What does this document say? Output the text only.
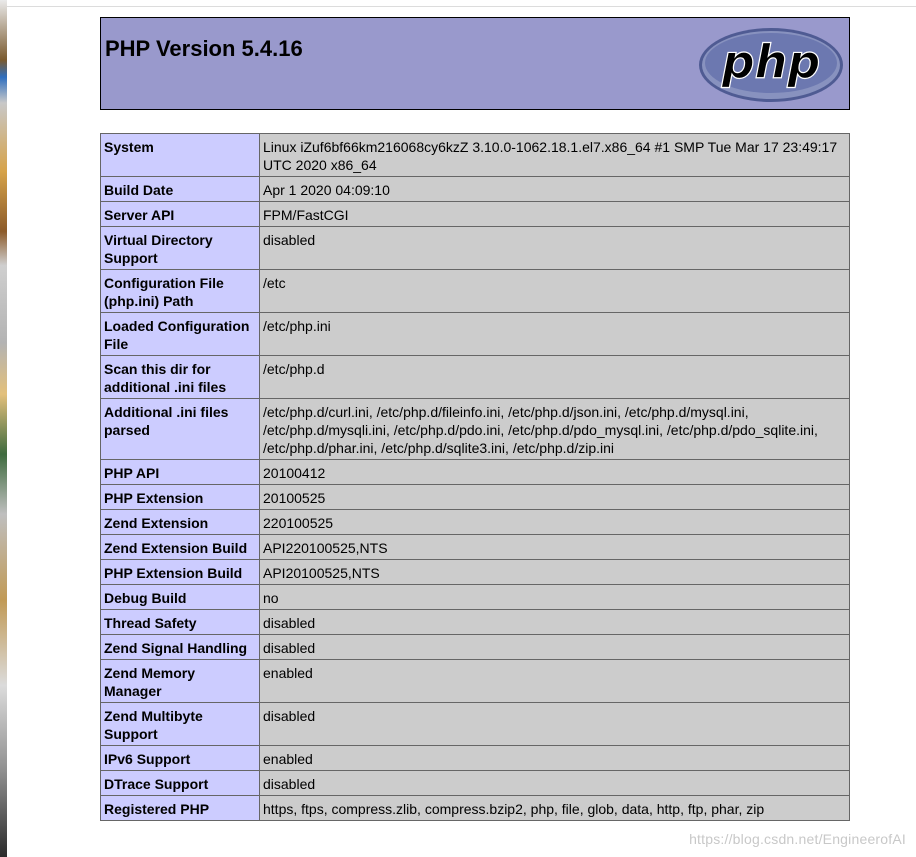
PHP Version 5.4.16	php
System	Linux iZuf6bf66km216068cy6kzZ 3.10.0-1062.18.1.el7.x86_64 #1 SMP Tue Mar 17 23:49:17 UTC 2020 x86_64
Build Date	Apr 1 2020 04:09:10
Server API	FPM/FastCGI
Virtual Directory Support	disabled
Configuration File (php.ini) Path	/etc
Loaded Configuration File	/etc/php.ini
Scan this dir for additional .ini files	/etc/php.d
Additional .ini files parsed	/etc/php.d/curl.ini, /etc/php.d/fileinfo.ini, /etc/php.d/json.ini, /etc/php.d/mysql.ini, /etc/php.d/mysqli.ini, /etc/php.d/pdo.ini, /etc/php.d/pdo_mysql.ini, /etc/php.d/pdo_sqlite.ini, /etc/php.d/phar.ini, /etc/php.d/sqlite3.ini, /etc/php.d/zip.ini
PHP API	20100412
PHP Extension	20100525
Zend Extension	220100525
Zend Extension Build	API220100525,NTS
PHP Extension Build	API20100525,NTS
Debug Build	no
Thread Safety	disabled
Zend Signal Handling	disabled
Zend Memory Manager	enabled
Zend Multibyte Support	disabled
IPv6 Support	enabled
DTrace Support	disabled
Registered PHP	https, ftps, compress.zlib, compress.bzip2, php, file, glob, data, http, ftp, phar, zip
https://blog.csdn.net/EngineerofAI
